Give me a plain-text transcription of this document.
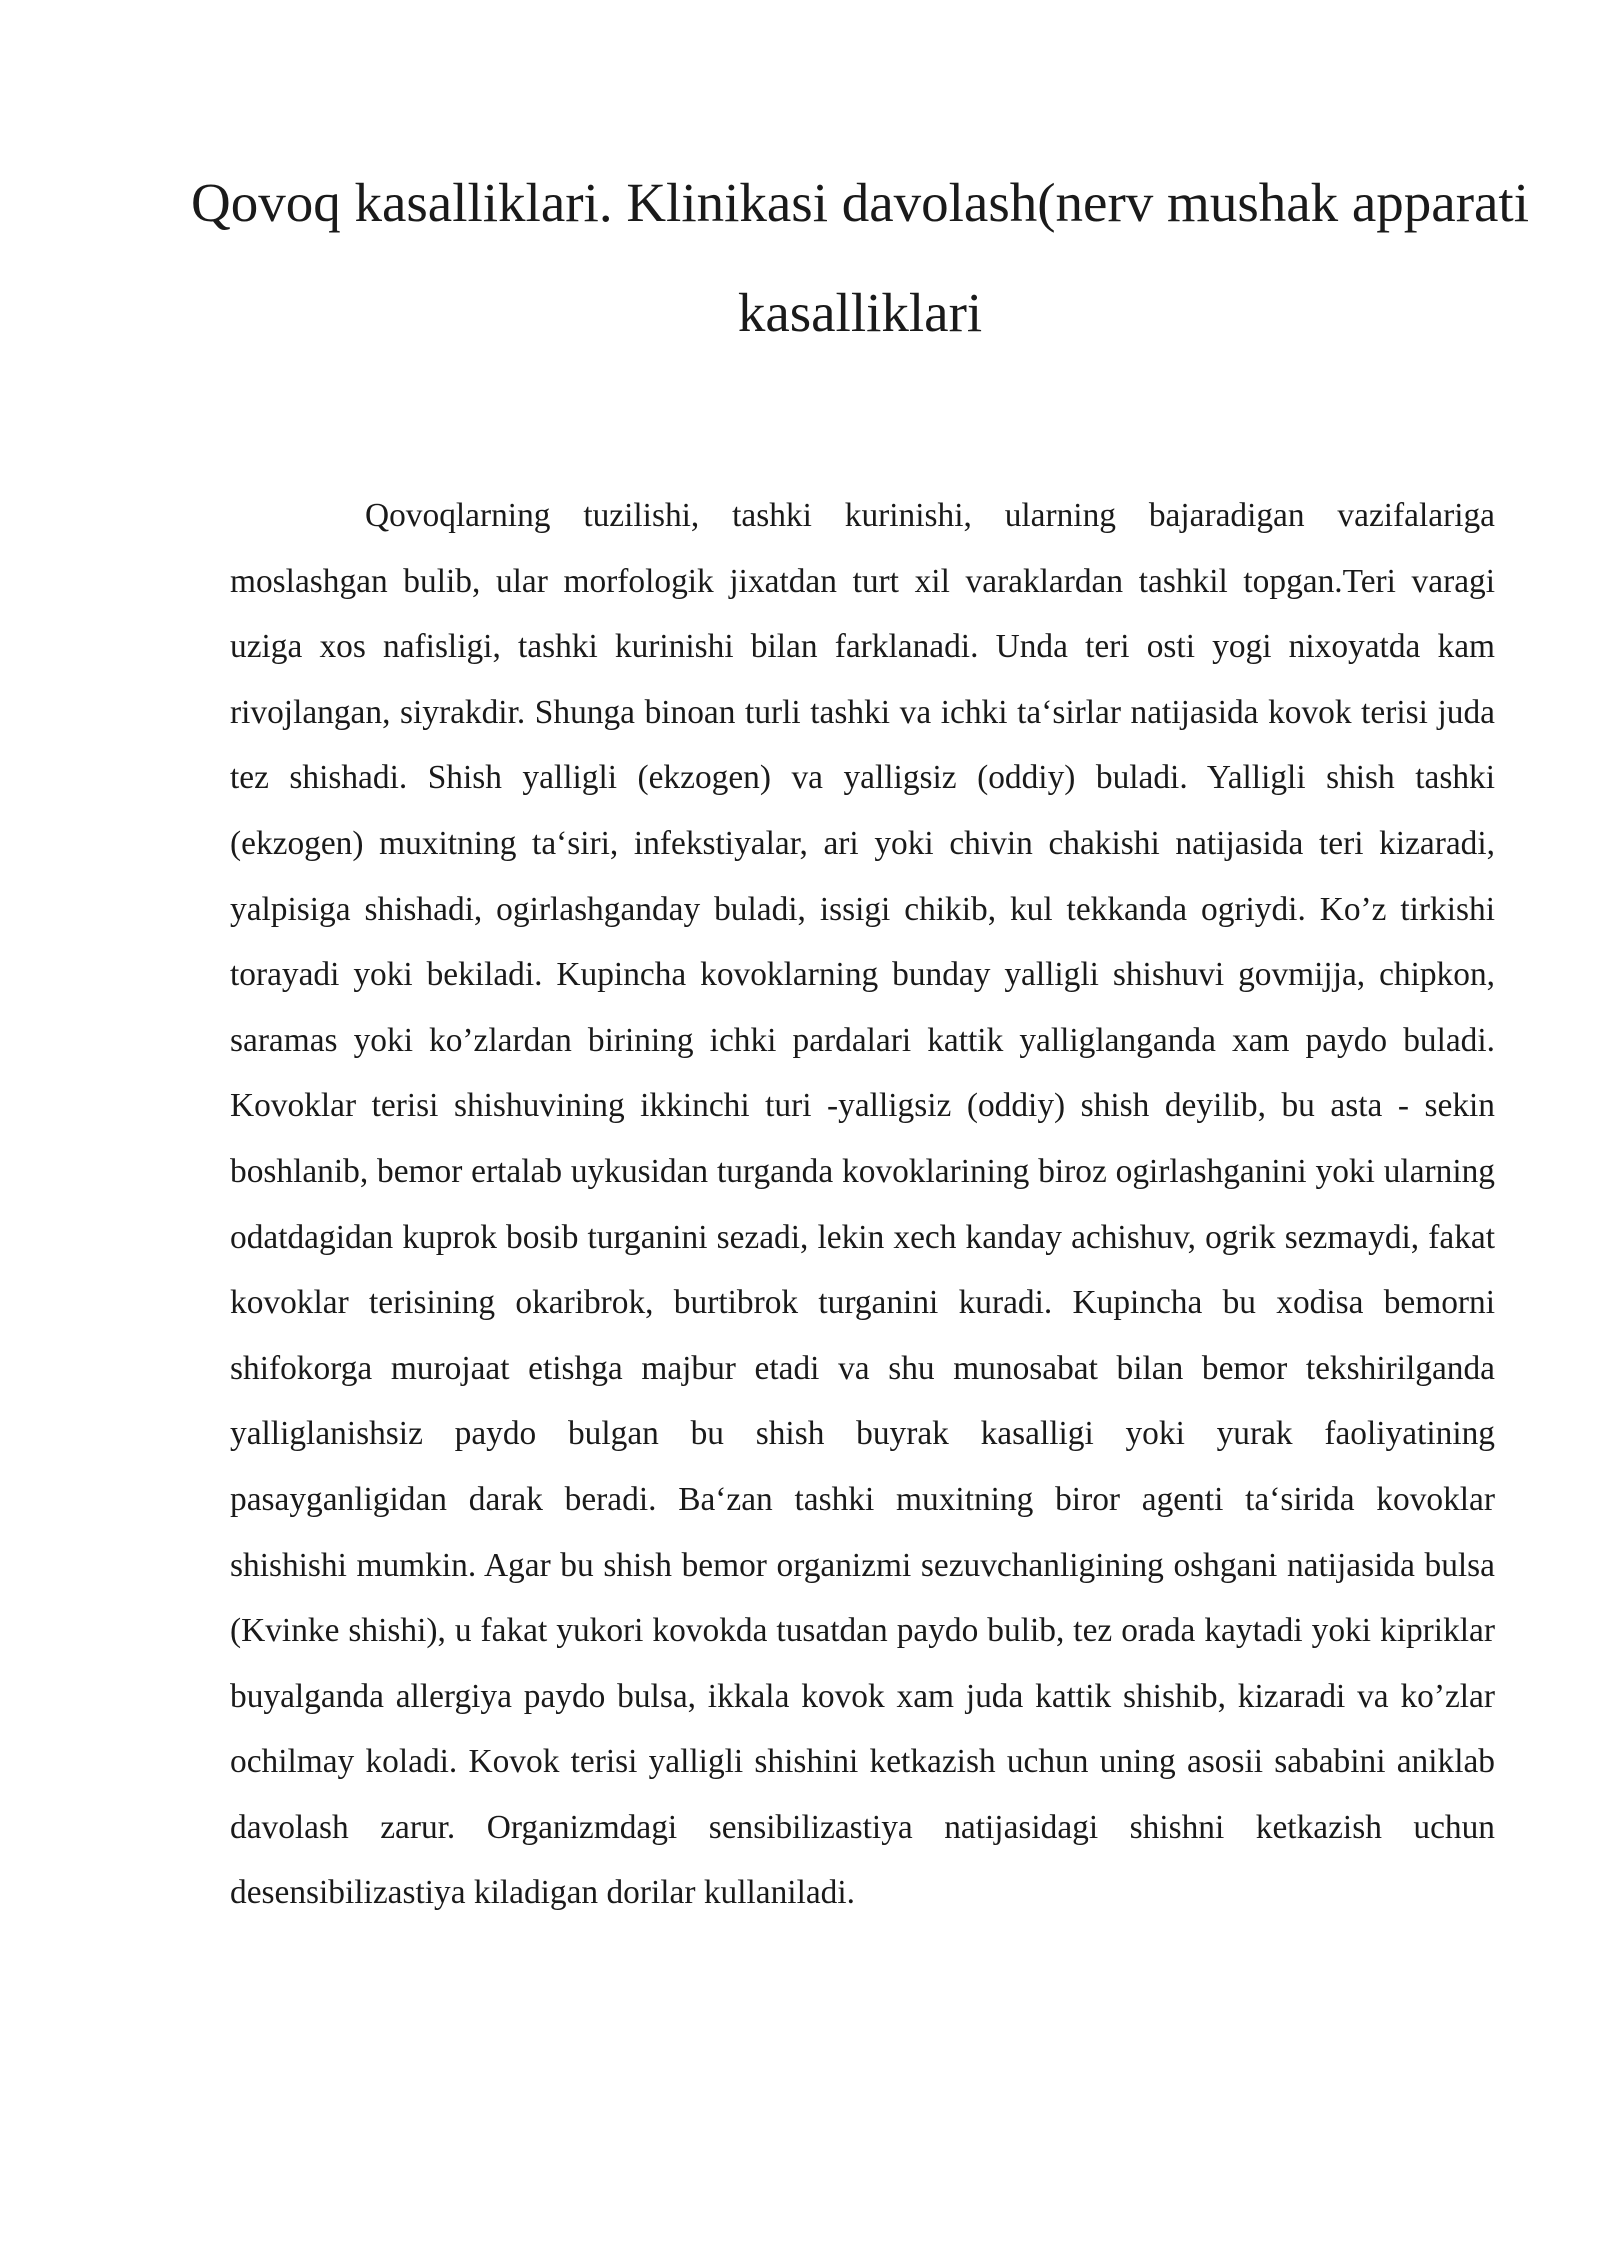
Qovoq kasalliklari. Klinikasi davolash(nerv mushak apparati kasalliklari

Qovoqlarning tuzilishi, tashki kurinishi, ularning bajaradigan vazifalariga moslashgan bulib, ular morfologik jixatdan turt xil varaklardan tashkil topgan.Teri varagi uziga xos nafisligi, tashki kurinishi bilan farklanadi. Unda teri osti yogi nixoyatda kam rivojlangan, siyrakdir. Shunga binoan turli tashki va ichki ta‘sirlar natijasida kovok terisi juda tez shishadi. Shish yalligli (ekzogen) va yalligsiz (oddiy) buladi. Yalligli shish tashki (ekzogen) muxitning ta‘siri, infekstiyalar, ari yoki chivin chakishi natijasida teri kizaradi, yalpisiga shishadi, ogirlashganday buladi, issigi chikib, kul tekkanda ogriydi. Ko’z tirkishi torayadi yoki bekiladi. Kupincha kovoklarning bunday yalligli shishuvi govmijja, chipkon, saramas yoki ko’zlardan birining ichki pardalari kattik yalliglanganda xam paydo buladi. Kovoklar terisi shishuvining ikkinchi turi -yalligsiz (oddiy) shish deyilib, bu asta - sekin boshlanib, bemor ertalab uykusidan turganda kovoklarining biroz ogirlashganini yoki ularning odatdagidan kuprok bosib turganini sezadi, lekin xech kanday achishuv, ogrik sezmaydi, fakat kovoklar terisining okaribrok, burtibrok turganini kuradi. Kupincha bu xodisa bemorni shifokorga murojaat etishga majbur etadi va shu munosabat bilan bemor tekshirilganda yalliglanishsiz paydo bulgan bu shish buyrak kasalligi yoki yurak faoliyatining pasayganligidan darak beradi. Ba‘zan tashki muxitning biror agenti ta‘sirida kovoklar shishishi mumkin. Agar bu shish bemor organizmi sezuvchanligining oshgani natijasida bulsa (Kvinke shishi), u fakat yukori kovokda tusatdan paydo bulib, tez orada kaytadi yoki kipriklar buyalganda allergiya paydo bulsa, ikkala kovok xam juda kattik shishib, kizaradi va ko’zlar ochilmay koladi. Kovok terisi yalligli shishini ketkazish uchun uning asosii sababini aniklab davolash zarur. Organizmdagi sensibilizastiya natijasidagi shishni ketkazish uchun desensibilizastiya kiladigan dorilar kullaniladi.
